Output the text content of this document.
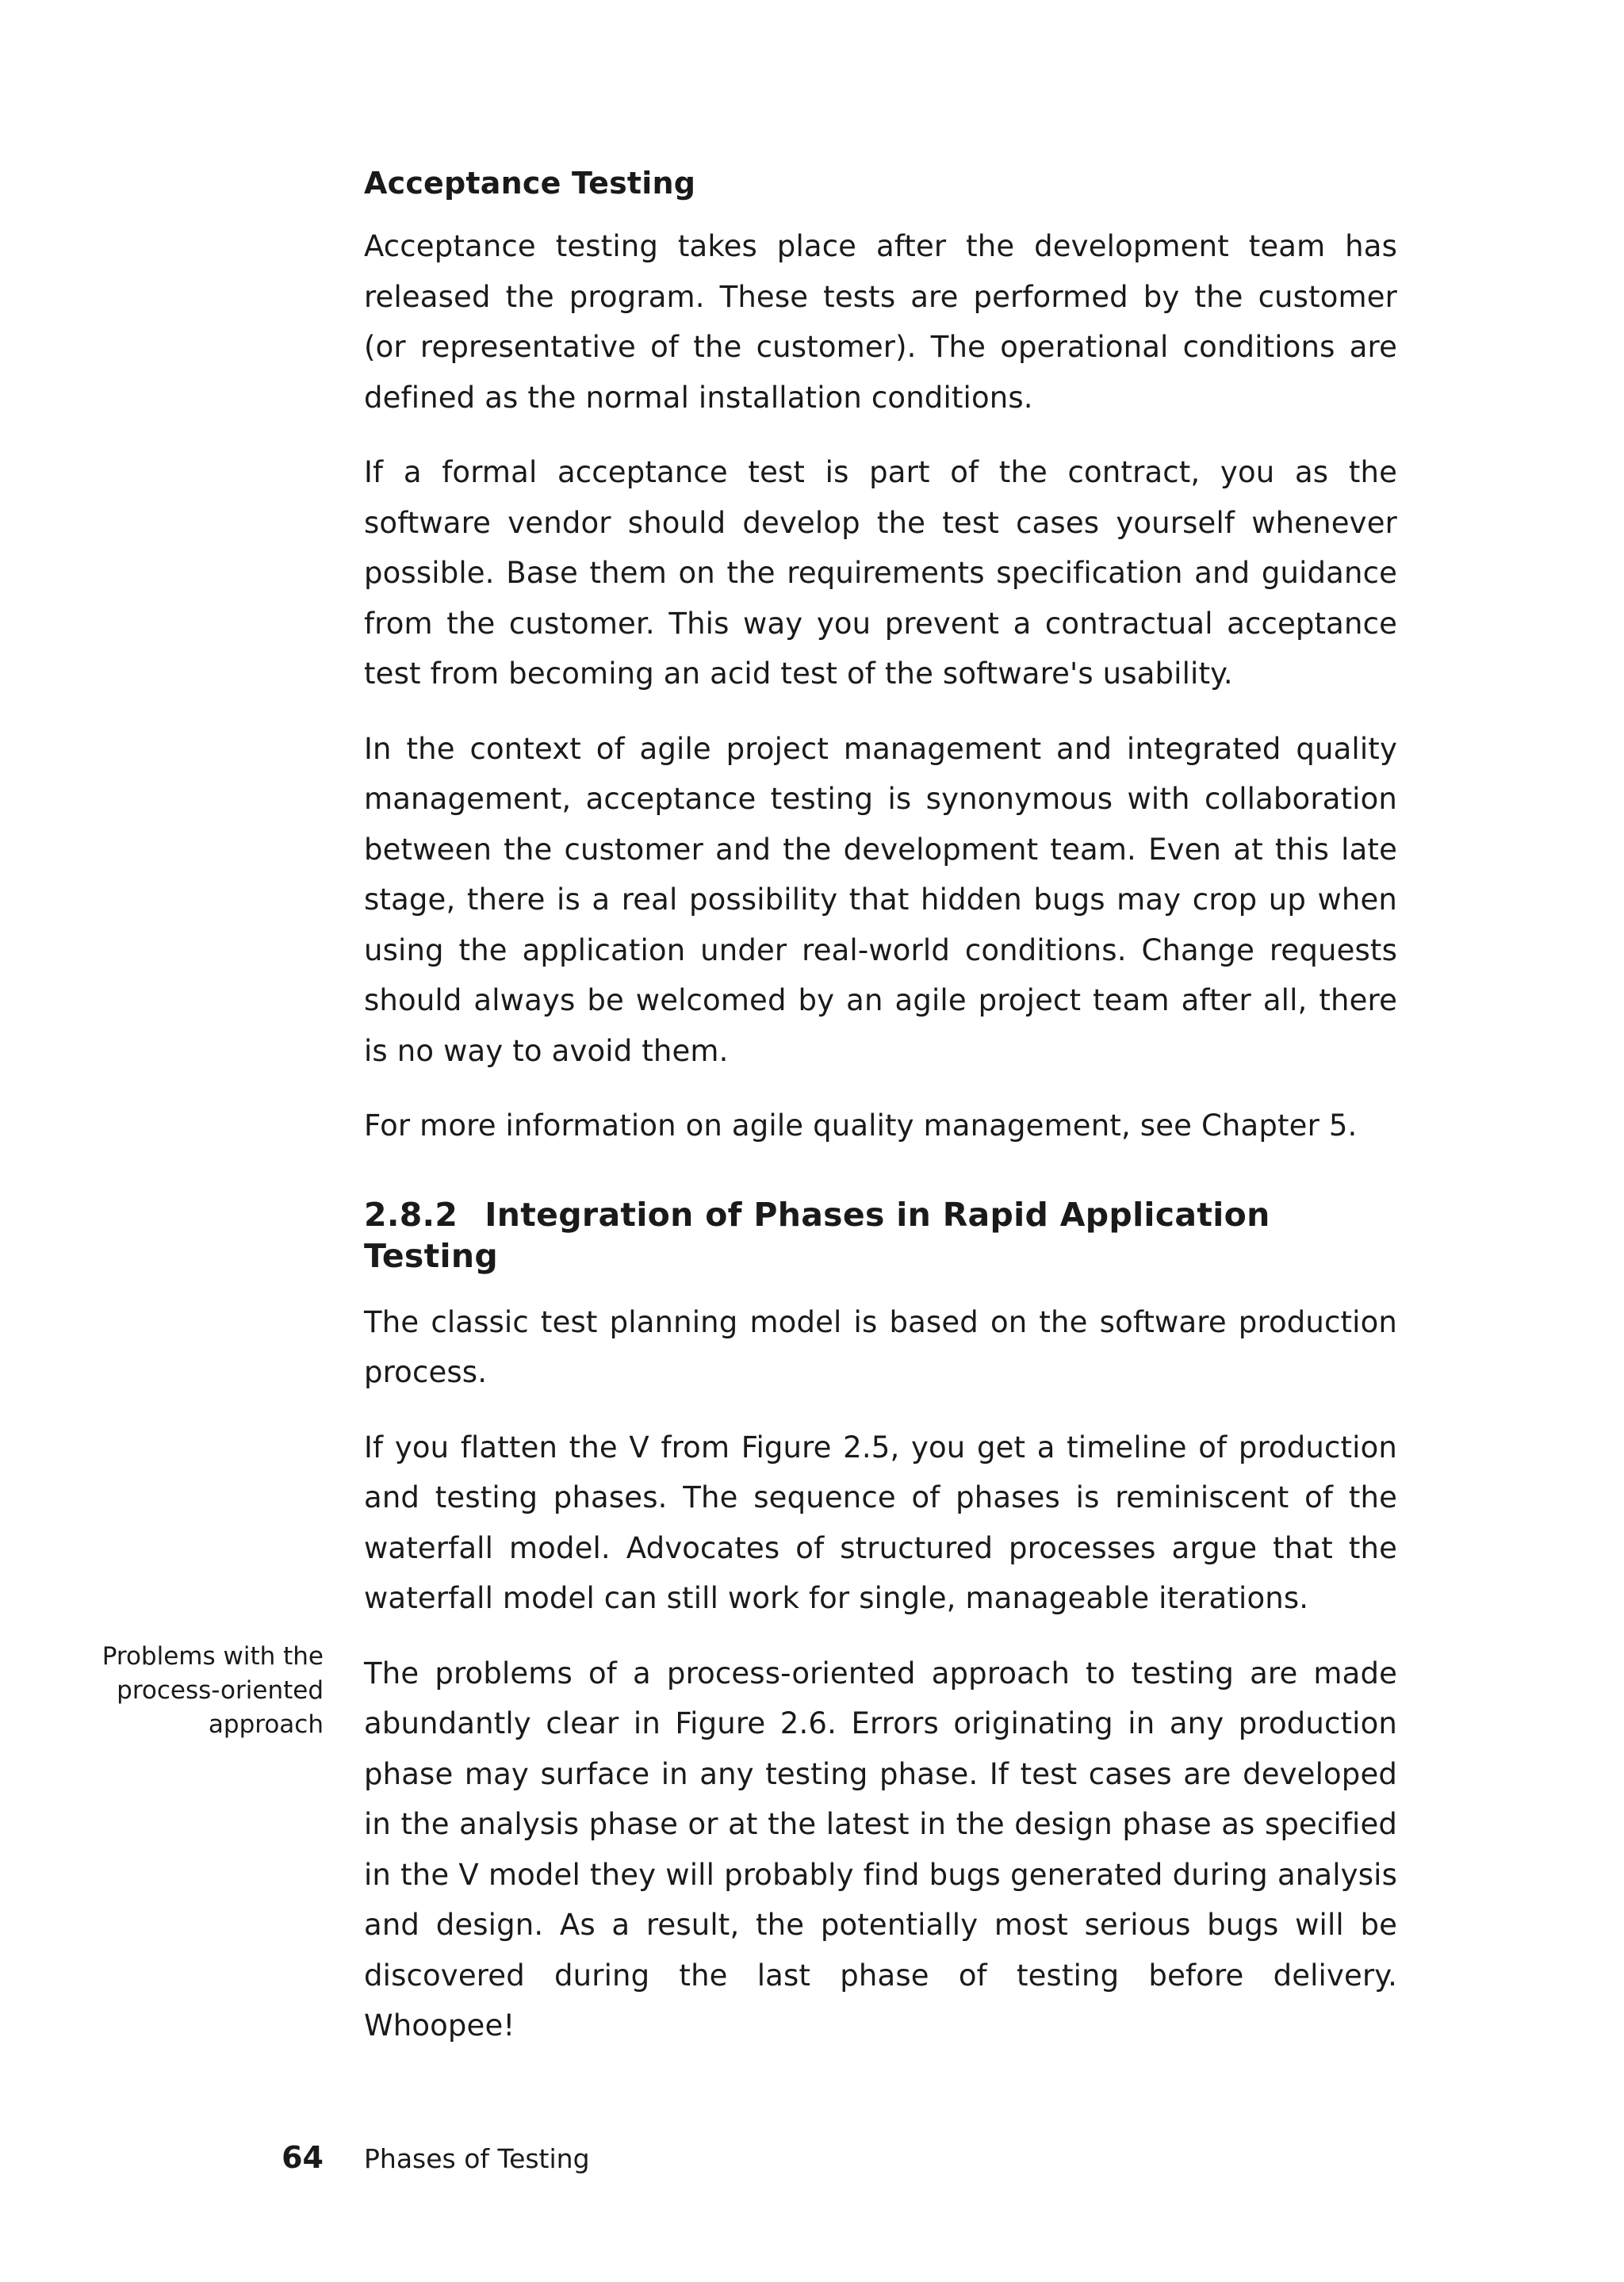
Acceptance Testing

Acceptance testing takes place after the development team has released the program. These tests are performed by the customer (or representative of the customer). The operational conditions are defined as the normal installation conditions.

If a formal acceptance test is part of the contract, you as the software vendor should develop the test cases yourself whenever possible. Base them on the requirements specification and guidance from the customer. This way you prevent a contractual acceptance test from becoming an acid test of the software's usability.

In the context of agile project management and integrated quality management, acceptance testing is synonymous with collaboration between the customer and the development team. Even at this late stage, there is a real possibility that hidden bugs may crop up when using the application under real-world conditions. Change requests should always be welcomed by an agile project team after all, there is no way to avoid them.

For more information on agile quality management, see Chapter 5.

2.8.2 Integration of Phases in Rapid Application Testing

The classic test planning model is based on the software production process.

If you flatten the V from Figure 2.5, you get a timeline of production and testing phases. The sequence of phases is reminiscent of the waterfall model. Advocates of structured processes argue that the waterfall model can still work for single, manageable iterations.

The problems of a process-oriented approach to testing are made abundantly clear in Figure 2.6. Errors originating in any production phase may surface in any testing phase. If test cases are developed in the analysis phase or at the latest in the design phase as specified in the V model they will probably find bugs generated during analysis and design. As a result, the potentially most serious bugs will be discovered during the last phase of testing before delivery. Whoopee!

Problems with the
process-oriented
approach
64 Phases of Testing
